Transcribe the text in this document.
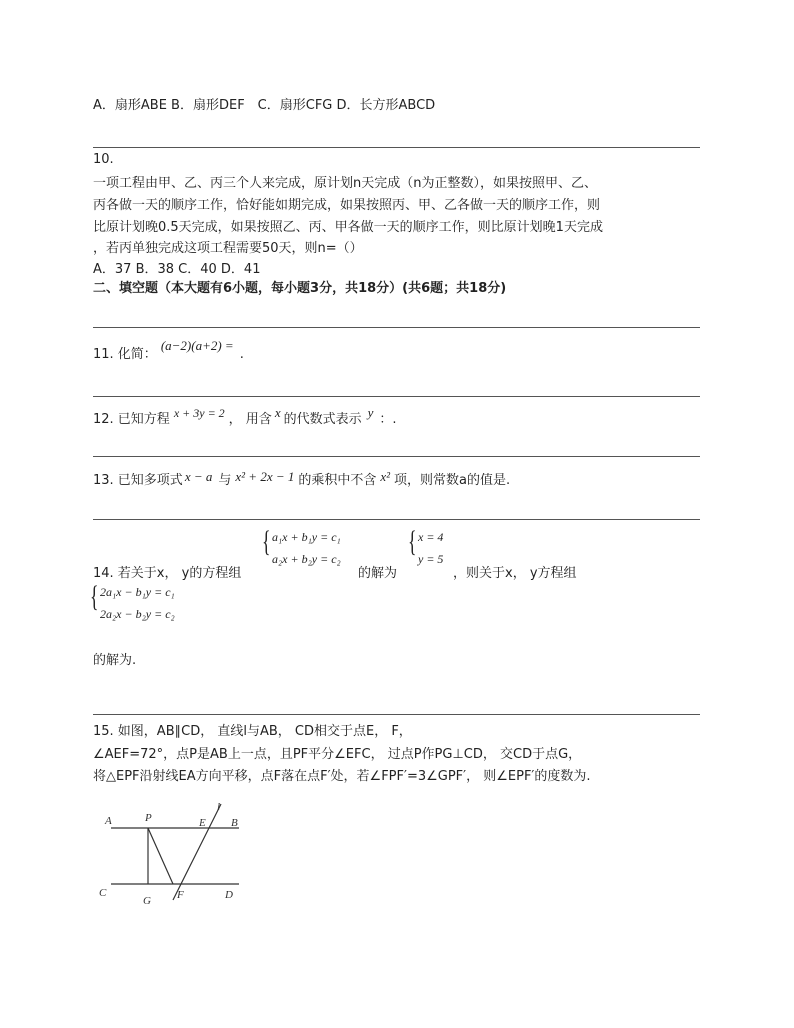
A．扇形ABE B．扇形DEF　C．扇形CFG D．长方形ABCD
10.
一项工程由甲、乙、丙三个人来完成，原计划n天完成（n为正整数），如果按照甲、乙、
丙各做一天的顺序工作，恰好能如期完成，如果按照丙、甲、乙各做一天的顺序工作，则
比原计划晚0.5天完成，如果按照乙、丙、甲各做一天的顺序工作，则比原计划晚1天完成
，若丙单独完成这项工程需要50天，则n=（）
A．37 B．38 C．40 D．41
二、填空题（本大题有6小题，每小题3分，共18分）(共6题；共18分)
11. 化简：(a−2)(a+2) =.
12. 已知方程 x + 3y = 2 ， 用含 x 的代数式表示 y ：.
13. 已知多项式 x − a 与 x² + 2x − 1 的乘积中不含 x² 项，则常数a的值是.
14. 若关于x， y的方程组
{ a₁x + b₁y = c₁
a₂x + b₂y = c₂
的解为
{ x = 4
y = 5
，则关于x， y方程组
{ 2a₁x − b₁y = c₁
2a₂x − b₂y = c₂
的解为.
15. 如图，AB∥CD， 直线l与AB， CD相交于点E， F，
∠AEF=72°，点P是AB上一点，且PF平分∠EFC， 过点P作PG⊥CD， 交CD于点G，
将△EPF沿射线EA方向平移，点F落在点F′处，若∠FPF′=3∠GPF′， 则∠EPF′的度数为.
A	P	E B
l
C
G F	D
